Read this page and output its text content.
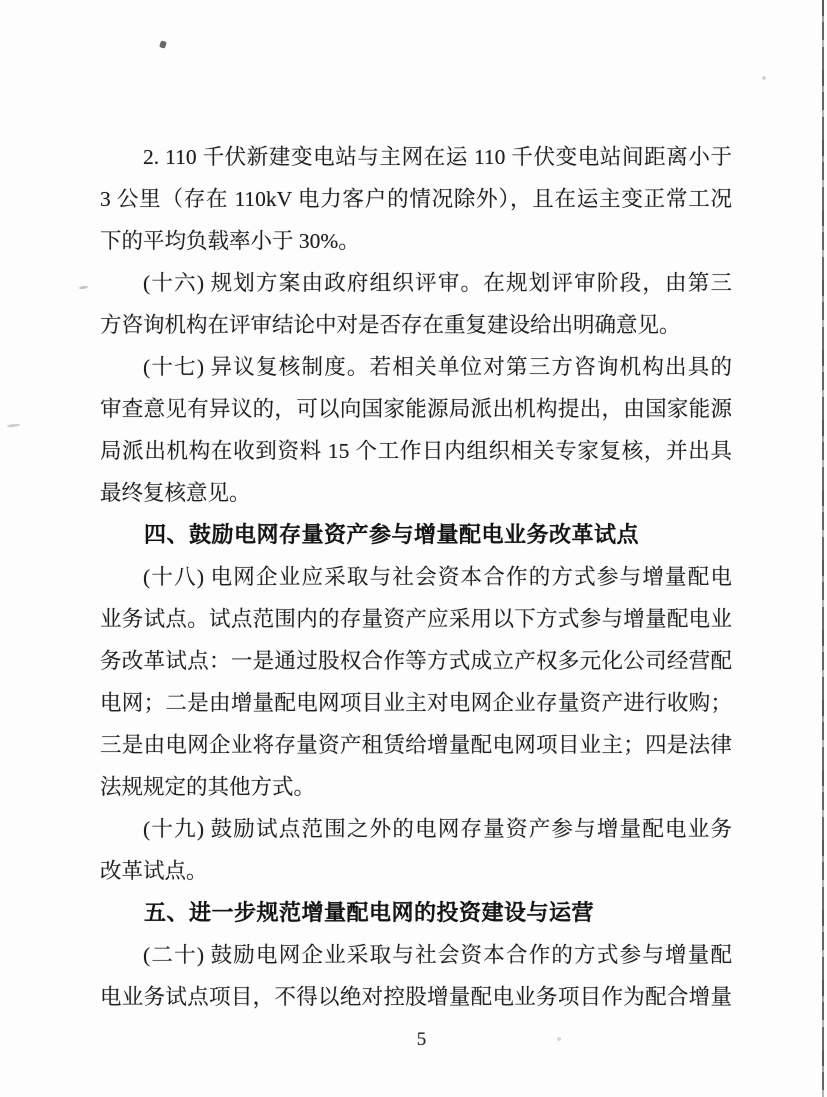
2. 110 千伏新建变电站与主网在运 110 千伏变电站间距离小于
3 公里（存在 110kV 电力客户的情况除外），且在运主变正常工况
下的平均负载率小于 30%。
(十六) 规划方案由政府组织评审。在规划评审阶段，由第三
方咨询机构在评审结论中对是否存在重复建设给出明确意见。
(十七) 异议复核制度。若相关单位对第三方咨询机构出具的
审查意见有异议的，可以向国家能源局派出机构提出，由国家能源
局派出机构在收到资料 15 个工作日内组织相关专家复核，并出具
最终复核意见。
四、鼓励电网存量资产参与增量配电业务改革试点
(十八) 电网企业应采取与社会资本合作的方式参与增量配电
业务试点。试点范围内的存量资产应采用以下方式参与增量配电业
务改革试点：一是通过股权合作等方式成立产权多元化公司经营配
电网；二是由增量配电网项目业主对电网企业存量资产进行收购；
三是由电网企业将存量资产租赁给增量配电网项目业主；四是法律
法规规定的其他方式。
(十九) 鼓励试点范围之外的电网存量资产参与增量配电业务
改革试点。
五、进一步规范增量配电网的投资建设与运营
(二十) 鼓励电网企业采取与社会资本合作的方式参与增量配
电业务试点项目，不得以绝对控股增量配电业务项目作为配合增量
5
